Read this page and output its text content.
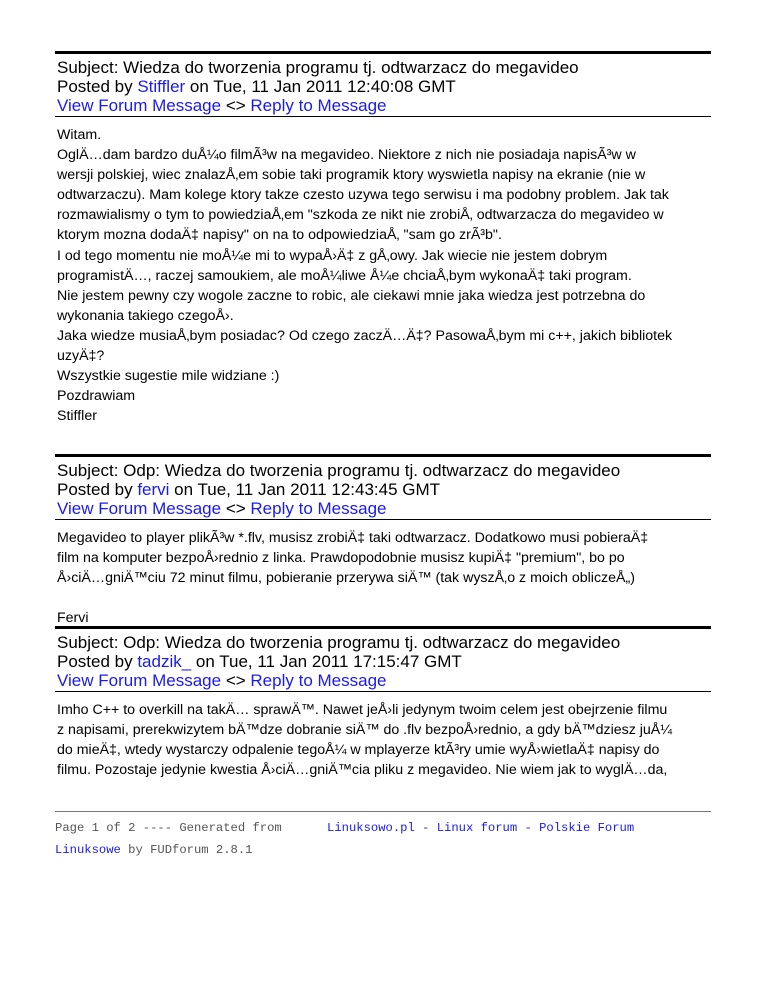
Subject: Wiedza do tworzenia programu tj. odtwarzacz do megavideo
Posted by Stiffler on Tue, 11 Jan 2011 12:40:08 GMT
View Forum Message <> Reply to Message

Witam.

OglÄ…dam bardzo duÅ¼o filmÃ³w na megavideo. Niektore z nich nie posiadaja napisÃ³w w

wersji polskiej, wiec znalazÅ‚em sobie taki programik ktory wyswietla napisy na ekranie (nie w

odtwarzaczu). Mam kolege ktory takze czesto uzywa tego serwisu i ma podobny problem. Jak tak

rozmawialismy o tym to powiedziaÅ‚em "szkoda ze nikt nie zrobiÅ‚ odtwarzacza do megavideo w

ktorym mozna dodaÄ‡ napisy" on na to odpowiedziaÅ‚ "sam go zrÃ³b".

I od tego momentu nie moÅ¼e mi to wypaÅ›Ä‡ z gÅ‚owy. Jak wiecie nie jestem dobrym

programistÄ…, raczej samoukiem, ale moÅ¼liwe Å¼e chciaÅ‚bym wykonaÄ‡ taki program.

Nie jestem pewny czy wogole zaczne to robic, ale ciekawi mnie jaka wiedza jest potrzebna do

wykonania takiego czegoÅ›.

Jaka wiedze musiaÅ‚bym posiadac? Od czego zaczÄ…Ä‡? PasowaÅ‚bym mi c++, jakich bibliotek

uzyÄ‡?

Wszystkie sugestie mile widziane :)

Pozdrawiam

Stiffler

Subject: Odp: Wiedza do tworzenia programu tj. odtwarzacz do megavideo
Posted by fervi on Tue, 11 Jan 2011 12:43:45 GMT
View Forum Message <> Reply to Message

Megavideo to player plikÃ³w *.flv, musisz zrobiÄ‡ taki odtwarzacz. Dodatkowo musi pobieraÄ‡

film na komputer bezpoÅ›rednio z linka. Prawdopodobnie musisz kupiÄ‡ "premium", bo po

Å›ciÄ…gniÄ™ciu 72 minut filmu, pobieranie przerywa siÄ™ (tak wyszÅ‚o z moich obliczeÅ„)

Fervi

Subject: Odp: Wiedza do tworzenia programu tj. odtwarzacz do megavideo
Posted by tadzik_ on Tue, 11 Jan 2011 17:15:47 GMT
View Forum Message <> Reply to Message

Imho C++ to overkill na takÄ… sprawÄ™. Nawet jeÅ›li jedynym twoim celem jest obejrzenie filmu

z napisami, prerekwizytem bÄ™dze dobranie siÄ™ do .flv bezpoÅ›rednio, a gdy bÄ™dziesz juÅ¼

do mieÄ‡, wtedy wystarczy odpalenie tegoÅ¼ w mplayerze ktÃ³ry umie wyÅ›wietlaÄ‡ napisy do

filmu. Pozostaje jedynie kwestia Å›ciÄ…gniÄ™cia pliku z megavideo. Nie wiem jak to wyglÄ…da,

Page 1 of 2 ---- Generated from
Linuksowe by FUDforum 2.8.1
Linuksowo.pl - Linux forum - Polskie Forum
